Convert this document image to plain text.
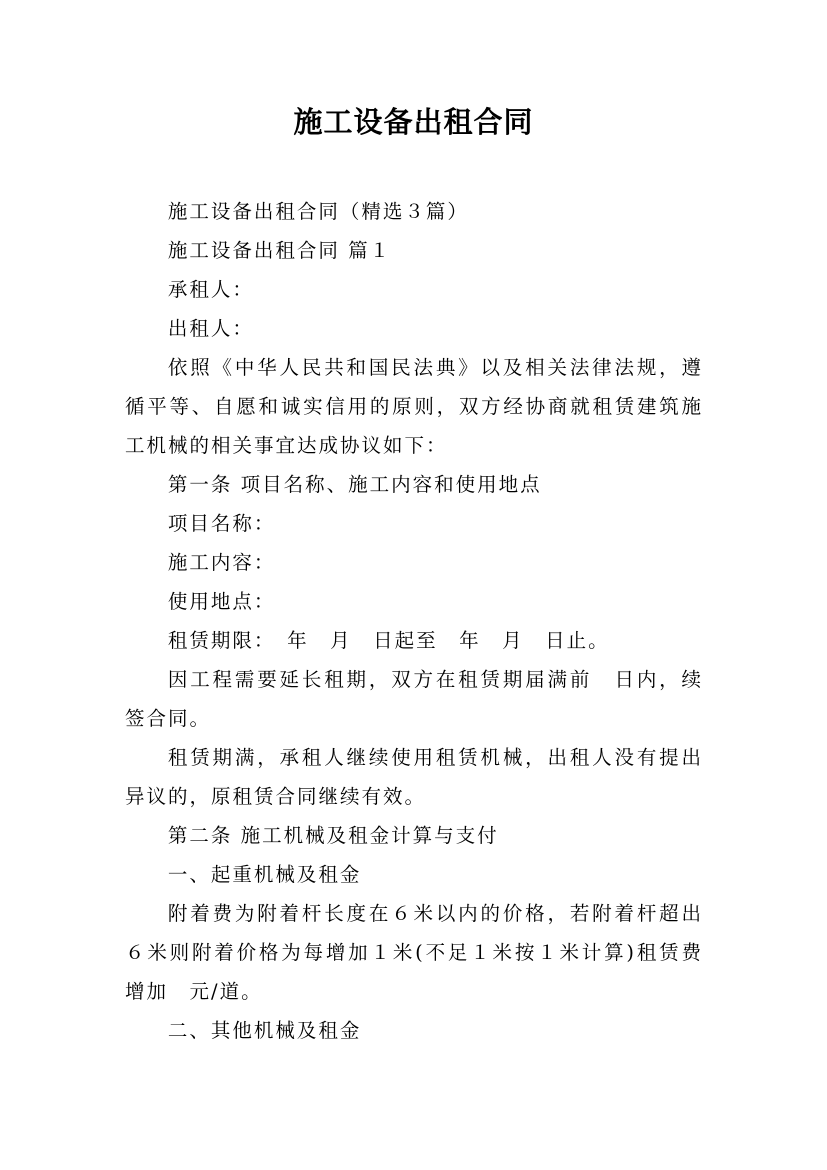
施工设备出租合同

施工设备出租合同（精选３篇）

施工设备出租合同 篇１

承租人：

出租人：

依照《中华人民共和国民法典》以及相关法律法规，遵循平等、自愿和诚实信用的原则，双方经协商就租赁建筑施工机械的相关事宜达成协议如下：

第一条 项目名称、施工内容和使用地点

项目名称：

施工内容：

使用地点：

租赁期限：　年　月　日起至　年　月　日止。

因工程需要延长租期，双方在租赁期届满前　日内，续签合同。

租赁期满，承租人继续使用租赁机械，出租人没有提出异议的，原租赁合同继续有效。

第二条 施工机械及租金计算与支付

一、起重机械及租金

附着费为附着杆长度在６米以内的价格，若附着杆超出６米则附着价格为每增加１米(不足１米按１米计算)租赁费增加　元/道。

二、其他机械及租金
